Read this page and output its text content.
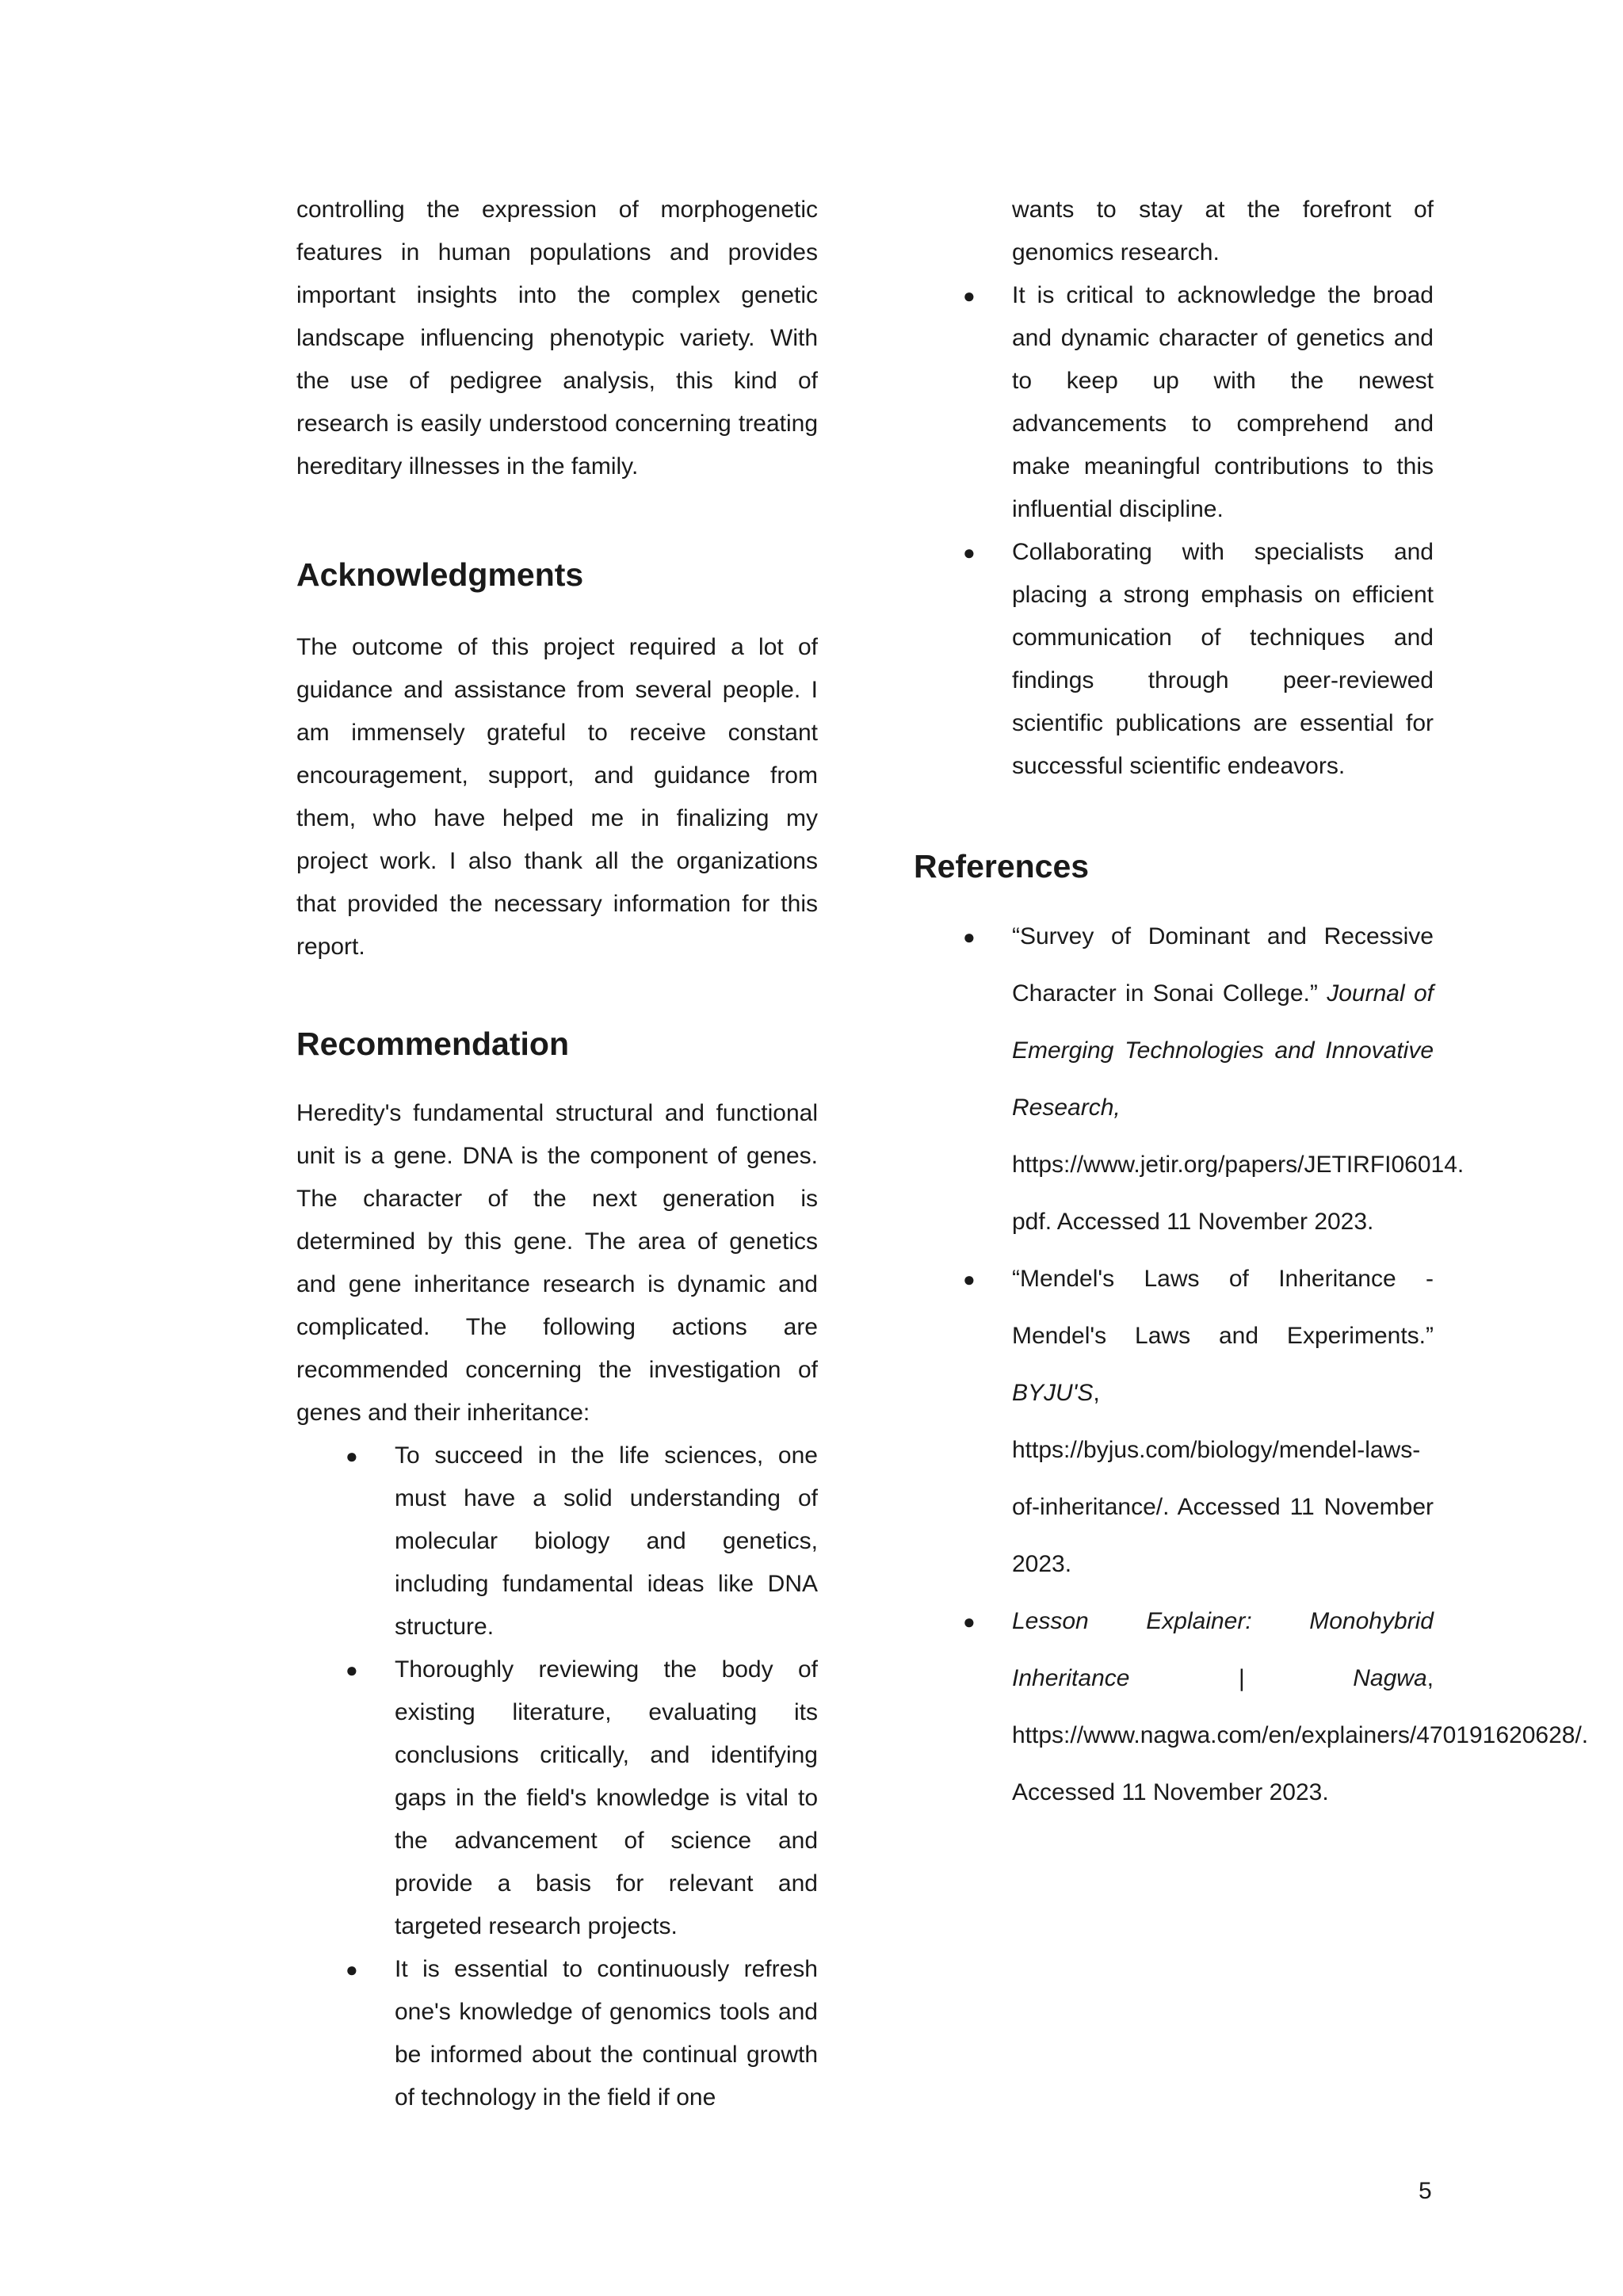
controlling the expression of morphogenetic features in human populations and provides important insights into the complex genetic landscape influencing phenotypic variety. With the use of pedigree analysis, this kind of research is easily understood concerning treating hereditary illnesses in the family.

Acknowledgments

The outcome of this project required a lot of guidance and assistance from several people. I am immensely grateful to receive constant encouragement, support, and guidance from them, who have helped me in finalizing my project work. I also thank all the organizations that provided the necessary information for this report.

Recommendation

Heredity's fundamental structural and functional unit is a gene. DNA is the component of genes. The character of the next generation is determined by this gene. The area of genetics and gene inheritance research is dynamic and complicated. The following actions are recommended concerning the investigation of genes and their inheritance:

● To succeed in the life sciences, one must have a solid understanding of molecular biology and genetics, including fundamental ideas like DNA structure.
● Thoroughly reviewing the body of existing literature, evaluating its conclusions critically, and identifying gaps in the field's knowledge is vital to the advancement of science and provide a basis for relevant and targeted research projects.
● It is essential to continuously refresh one's knowledge of genomics tools and be informed about the continual growth of technology in the field if one

wants to stay at the forefront of genomics research.

● It is critical to acknowledge the broad and dynamic character of genetics and to keep up with the newest advancements to comprehend and make meaningful contributions to this influential discipline.
● Collaborating with specialists and placing a strong emphasis on efficient communication of techniques and findings through peer-reviewed scientific publications are essential for successful scientific endeavors.
References
● “Survey of Dominant and Recessive Character in Sonai College.” Journal of Emerging Technologies and Innovative Research, https://www.jetir.org/papers/JETIRFI06014. pdf. Accessed 11 November 2023.
● “Mendel's Laws of Inheritance - Mendel's Laws and Experiments.” BYJU'S, https://byjus.com/biology/mendel-laws-of-inheritance/. Accessed 11 November 2023.
● Lesson Explainer: Monohybrid Inheritance | Nagwa, https://www.nagwa.com/en/explainers/470191620628/. Accessed 11 November 2023.
5
